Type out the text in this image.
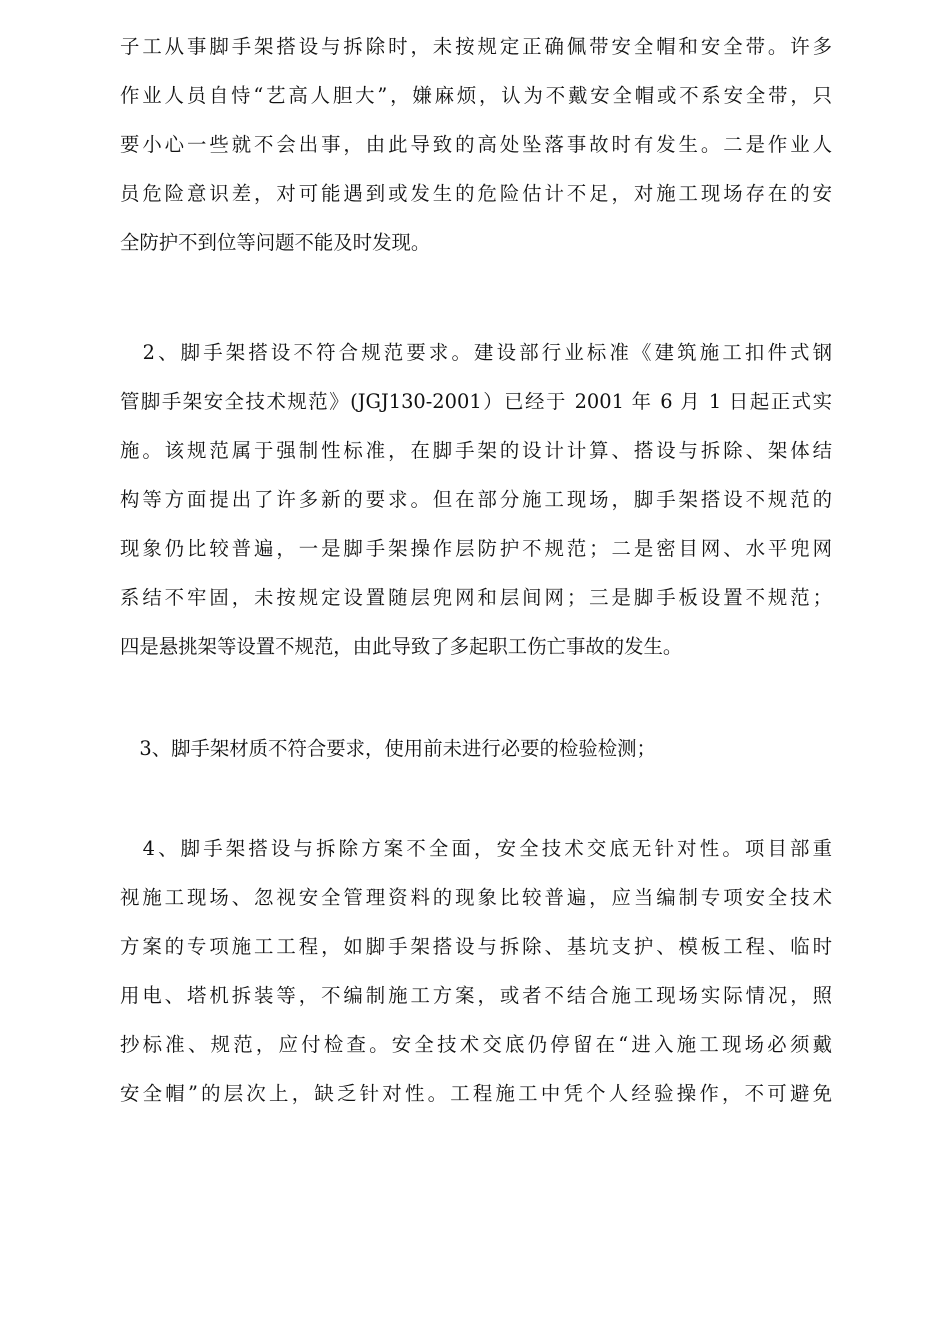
子工从事脚手架搭设与拆除时，未按规定正确佩带安全帽和安全带。许多
作业人员自恃“艺高人胆大”，嫌麻烦，认为不戴安全帽或不系安全带，只
要小心一些就不会出事，由此导致的高处坠落事故时有发生。二是作业人
员危险意识差，对可能遇到或发生的危险估计不足，对施工现场存在的安
全防护不到位等问题不能及时发现。

　2、脚手架搭设不符合规范要求。建设部行业标准《建筑施工扣件式钢
管脚手架安全技术规范》(JGJ130-2001）已经于 2001 年 6 月 1 日起正式实
施。该规范属于强制性标准，在脚手架的设计计算、搭设与拆除、架体结
构等方面提出了许多新的要求。但在部分施工现场，脚手架搭设不规范的
现象仍比较普遍，一是脚手架操作层防护不规范；二是密目网、水平兜网
系结不牢固，未按规定设置随层兜网和层间网；三是脚手板设置不规范；
四是悬挑架等设置不规范，由此导致了多起职工伤亡事故的发生。

　3、脚手架材质不符合要求，使用前未进行必要的检验检测；

　4、脚手架搭设与拆除方案不全面，安全技术交底无针对性。项目部重
视施工现场、忽视安全管理资料的现象比较普遍，应当编制专项安全技术
方案的专项施工工程，如脚手架搭设与拆除、基坑支护、模板工程、临时
用电、塔机拆装等，不编制施工方案，或者不结合施工现场实际情况，照
抄标准、规范，应付检查。安全技术交底仍停留在“进入施工现场必须戴
安全帽”的层次上，缺乏针对性。工程施工中凭个人经验操作，不可避免
